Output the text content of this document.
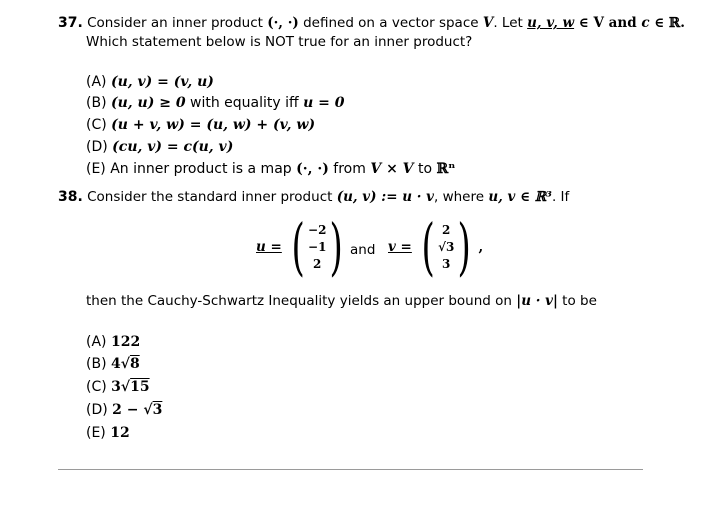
37. Consider an inner product (·, ·) defined on a vector space V. Let u, v, w ∈ V and c ∈ ℝ.
Which statement below is NOT true for an inner product?
(A) (u, v) = (v, u)
(B) (u, u) ≥ 0 with equality iff u = 0
(C) (u + v, w) = (u, w) + (v, w)
(D) (cu, v) = c(u, v)
(E) An inner product is a map (·, ·) from V × V to ℝⁿ
38. Consider the standard inner product (u, v) := u · v, where u, v ∈ ℝ³. If
u = ( −2
−1
2 ) and v = ( 2
√3
3 ) ,
then the Cauchy-Schwartz Inequality yields an upper bound on |u · v| to be
(A) 122
(B) 4√8
(C) 3√15
(D) 2 − √3
(E) 12
